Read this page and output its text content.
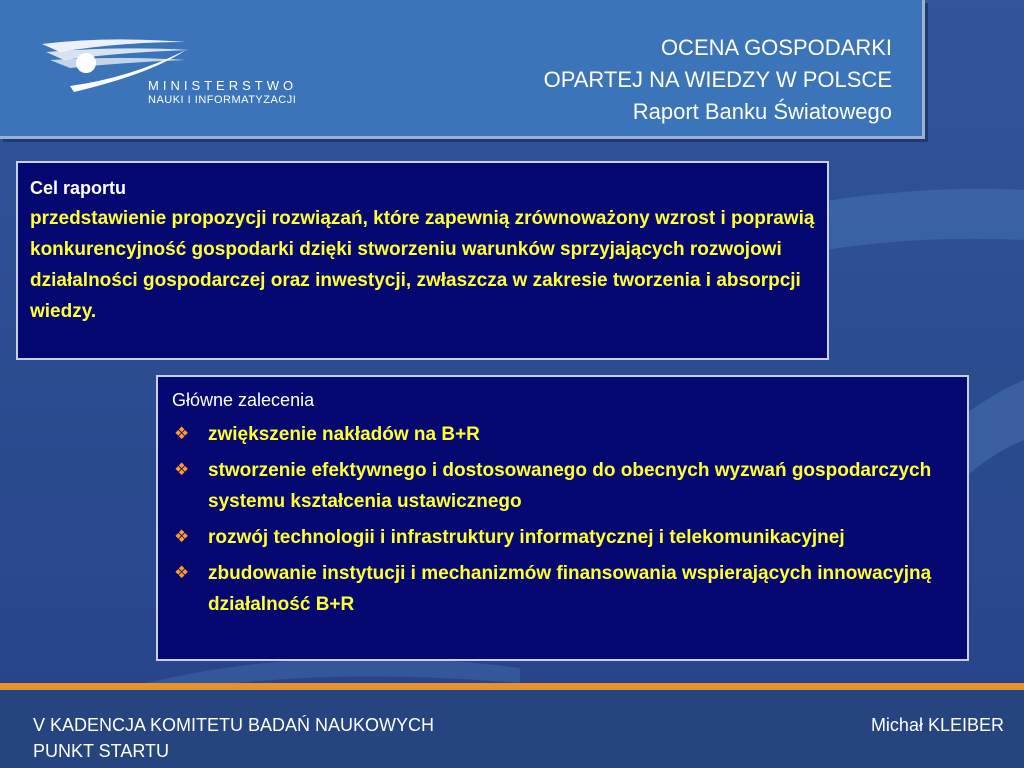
MINISTERSTWO
NAUKI I INFORMATYZACJI
OCENA GOSPODARKI
OPARTEJ NA WIEDZY W POLSCE
Raport Banku Światowego
Cel raportu
przedstawienie propozycji rozwiązań, które zapewnią zrównoważony wzrost i poprawią konkurencyjność gospodarki dzięki stworzeniu warunków sprzyjających rozwojowi działalności gospodarczej oraz inwestycji, zwłaszcza w zakresie tworzenia i absorpcji wiedzy.
Główne zalecenia
❖ zwiększenie nakładów na B+R
❖ stworzenie efektywnego i dostosowanego do obecnych wyzwań gospodarczych systemu kształcenia ustawicznego
❖ rozwój technologii i infrastruktury informatycznej i telekomunikacyjnej
❖ zbudowanie instytucji i mechanizmów finansowania wspierających innowacyjną działalność B+R
V KADENCJA KOMITETU BADAŃ NAUKOWYCH
PUNKT STARTU
Michał KLEIBER
